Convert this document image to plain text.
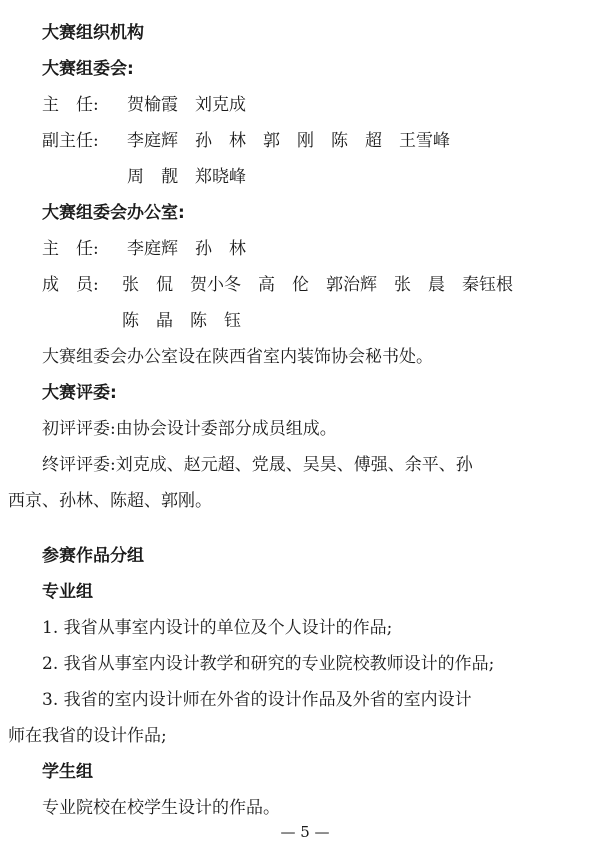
大赛组织机构
大赛组委会:
主　任: 贺榆霞　刘克成
副主任: 李庭辉　孙　林　郭　刚　陈　超　王雪峰
周　靓　郑晓峰
大赛组委会办公室:
主　任: 李庭辉　孙　林
成　员: 张　侃　贺小冬　高　伦　郭治辉　张　晨　秦钰根
陈　晶　陈　钰
大赛组委会办公室设在陕西省室内装饰协会秘书处。
大赛评委:
初评评委:由协会设计委部分成员组成。
终评评委:刘克成、赵元超、党晟、吴昊、傅强、余平、孙
西京、孙林、陈超、郭刚。
参赛作品分组
专业组
1. 我省从事室内设计的单位及个人设计的作品;
2. 我省从事室内设计教学和研究的专业院校教师设计的作品;
3. 我省的室内设计师在外省的设计作品及外省的室内设计
师在我省的设计作品;
学生组
专业院校在校学生设计的作品。
— 5 —
